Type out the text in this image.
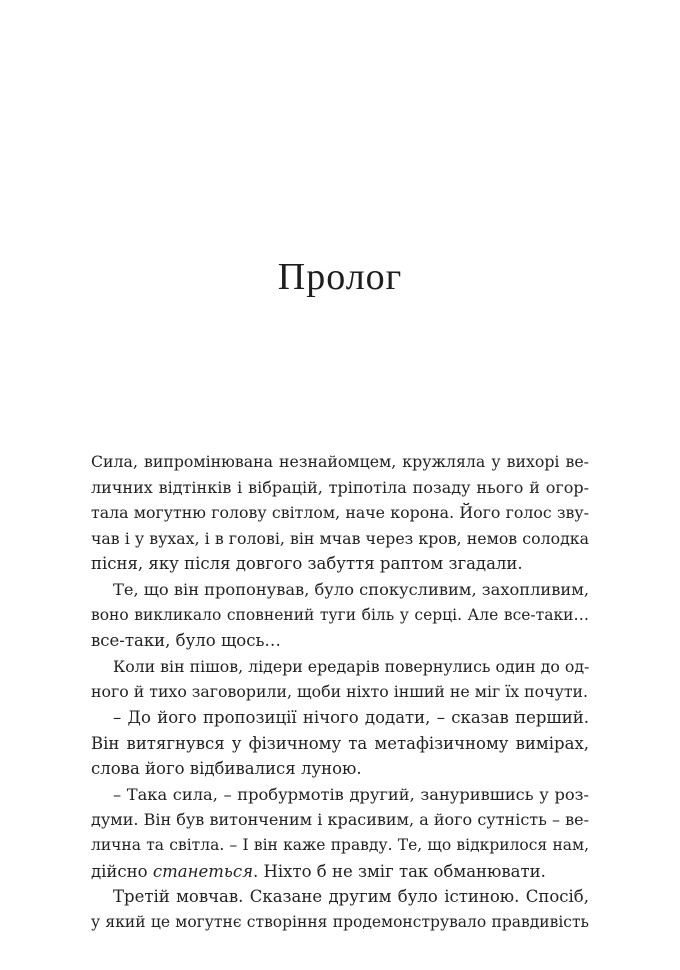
Пролог
Сила, випромінювана незнайомцем, кружляла у вихорі ве-
личних відтінків і вібрацій, тріпотіла позаду нього й огор-
тала могутню голову світлом, наче корона. Його голос зву-
чав і у вухах, і в голові, він мчав через кров, немов солодка
пісня, яку після довгого забуття раптом згадали.
Те, що він пропонував, було спокусливим, захопливим,
воно викликало сповнений туги біль у серці. Але все-таки…
все-таки, було щось…
Коли він пішов, лідери ередарів повернулись один до од-
ного й тихо заговорили, щоби ніхто інший не міг їх почути.
– До його пропозиції нічого додати, – сказав перший.
Він витягнувся у фізичному та метафізичному вимірах,
слова його відбивалися луною.
– Така сила, – пробурмотів другий, занурившись у роз-
думи. Він був витонченим і красивим, а його сутність – ве-
лична та світла. – І він каже правду. Те, що відкрилося нам,
дійсно станеться. Ніхто б не зміг так обманювати.
Третій мовчав. Сказане другим було істиною. Спосіб,
у який це могутнє створіння продемонструвало правдивість
